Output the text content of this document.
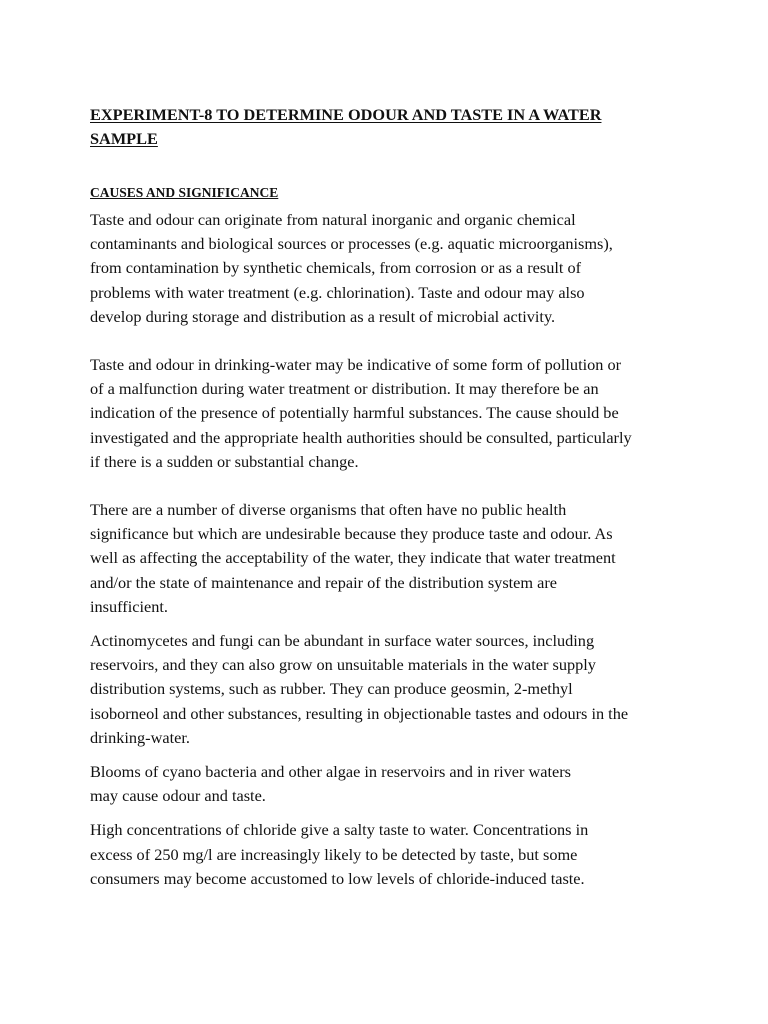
EXPERIMENT-8 TO DETERMINE ODOUR AND TASTE IN A WATER
SAMPLE
CAUSES AND SIGNIFICANCE

Taste and odour can originate from natural inorganic and organic chemical
contaminants and biological sources or processes (e.g. aquatic microorganisms),
from contamination by synthetic chemicals, from corrosion or as a result of
problems with water treatment (e.g. chlorination). Taste and odour may also
develop during storage and distribution as a result of microbial activity.

Taste and odour in drinking-water may be indicative of some form of pollution or
of a malfunction during water treatment or distribution. It may therefore be an
indication of the presence of potentially harmful substances. The cause should be
investigated and the appropriate health authorities should be consulted, particularly
if there is a sudden or substantial change.

There are a number of diverse organisms that often have no public health
significance but which are undesirable because they produce taste and odour. As
well as affecting the acceptability of the water, they indicate that water treatment
and/or the state of maintenance and repair of the distribution system are
insufficient.

Actinomycetes and fungi can be abundant in surface water sources, including
reservoirs, and they can also grow on unsuitable materials in the water supply
distribution systems, such as rubber. They can produce geosmin, 2-methyl
isoborneol and other substances, resulting in objectionable tastes and odours in the
drinking-water.

Blooms of cyano bacteria and other algae in reservoirs and in river waters
may cause odour and taste.

High concentrations of chloride give a salty taste to water. Concentrations in
excess of 250 mg/l are increasingly likely to be detected by taste, but some
consumers may become accustomed to low levels of chloride-induced taste.
